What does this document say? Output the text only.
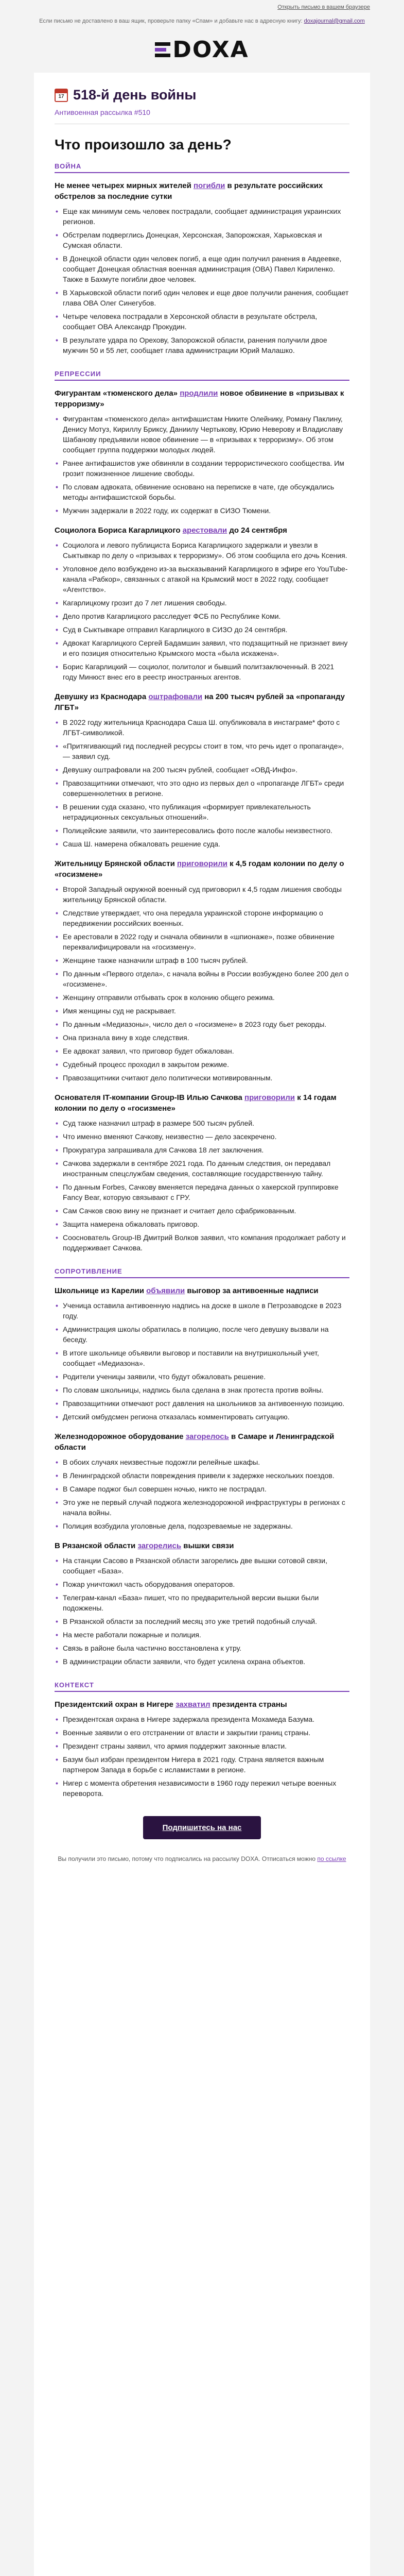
Открыть письмо в вашем браузере
Если письмо не доставлено в ваш ящик, проверьте папку «Спам» и добавьте нас в адресную книгу: doxajournal@gmail.com
DOXA
17
518-й день войны
Антивоенная рассылка #510
Что произошло за день?
ВОЙНА
Не менее четырех мирных жителей погибли в результате российских обстрелов за последние сутки
• Еще как минимум семь человек пострадали, сообщает администрация украинских регионов.
• Обстрелам подверглись Донецкая, Херсонская, Запорожская, Харьковская и Сумская области.
• В Донецкой области один человек погиб, а еще один получил ранения в Авдеевке, сообщает Донецкая областная военная администрация (ОВА) Павел Кириленко. Также в Бахмуте погибли двое человек.
• В Харьковской области погиб один человек и еще двое получили ранения, сообщает глава ОВА Олег Синегубов.
• Четыре человека пострадали в Херсонской области в результате обстрела, сообщает ОВА Александр Прокудин.
• В результате удара по Орехову, Запорожской области, ранения получили двое мужчин 50 и 55 лет, сообщает глава администрации Юрий Малашко.
РЕПРЕССИИ
Фигурантам «тюменского дела» продлили новое обвинение в «призывах к терроризму»
• Фигурантам «тюменского дела» антифашистам Никите Олейнику, Роману Паклину, Денису Мотуз, Кириллу Бриксу, Даниилу Чертыкову, Юрию Неверову и Владиславу Шабанову предъявили новое обвинение — в «призывах к терроризму». Об этом сообщает группа поддержки молодых людей.
• Ранее антифашистов уже обвиняли в создании террористического сообщества. Им грозит пожизненное лишение свободы.
• По словам адвоката, обвинение основано на переписке в чате, где обсуждались методы антифашистской борьбы.
• Мужчин задержали в 2022 году, их содержат в СИЗО Тюмени.
Социолога Бориса Кагарлицкого арестовали до 24 сентября
• Социолога и левого публициста Бориса Кагарлицкого задержали и увезли в Сыктывкар по делу о «призывах к терроризму». Об этом сообщила его дочь Ксения.
• Уголовное дело возбуждено из-за высказываний Кагарлицкого в эфире его YouTube-канала «Рабкор», связанных с атакой на Крымский мост в 2022 году, сообщает «Агентство».
• Кагарлицкому грозит до 7 лет лишения свободы.
• Дело против Кагарлицкого расследует ФСБ по Республике Коми.
• Суд в Сыктывкаре отправил Кагарлицкого в СИЗО до 24 сентября.
• Адвокат Кагарлицкого Сергей Бадамшин заявил, что подзащитный не признает вину и его позиция относительно Крымского моста «была искажена».
• Борис Кагарлицкий — социолог, политолог и бывший политзаключенный. В 2021 году Минюст внес его в реестр иностранных агентов.
Девушку из Краснодара оштрафовали на 200 тысяч рублей за «пропаганду ЛГБТ»
• В 2022 году жительница Краснодара Саша Ш. опубликовала в инстаграме* фото с ЛГБТ-символикой.
• «Притягивающий гид последней ресурсы стоит в том, что речь идет о пропаганде», — заявил суд.
• Девушку оштрафовали на 200 тысяч рублей, сообщает «ОВД-Инфо».
• Правозащитники отмечают, что это одно из первых дел о «пропаганде ЛГБТ» среди совершеннолетних в регионе.
• В решении суда сказано, что публикация «формирует привлекательность нетрадиционных сексуальных отношений».
• Полицейские заявили, что заинтересовались фото после жалобы неизвестного.
• Саша Ш. намерена обжаловать решение суда.
Жительницу Брянской области приговорили к 4,5 годам колонии по делу о «госизмене»
• Второй Западный окружной военный суд приговорил к 4,5 годам лишения свободы жительницу Брянской области.
• Следствие утверждает, что она передала украинской стороне информацию о передвижении российских военных.
• Ее арестовали в 2022 году и сначала обвинили в «шпионаже», позже обвинение переквалифицировали на «госизмену».
• Женщине также назначили штраф в 100 тысяч рублей.
• По данным «Первого отдела», с начала войны в России возбуждено более 200 дел о «госизмене».
• Женщину отправили отбывать срок в колонию общего режима.
• Имя женщины суд не раскрывает.
• По данным «Медиазоны», число дел о «госизмене» в 2023 году бьет рекорды.
• Она признала вину в ходе следствия.
• Ее адвокат заявил, что приговор будет обжалован.
• Судебный процесс проходил в закрытом режиме.
• Правозащитники считают дело политически мотивированным.
Основателя IT-компании Group-IB Илью Сачкова приговорили к 14 годам колонии по делу о «госизмене»
• Суд также назначил штраф в размере 500 тысяч рублей.
• Что именно вменяют Сачкову, неизвестно — дело засекречено.
• Прокуратура запрашивала для Сачкова 18 лет заключения.
• Сачкова задержали в сентябре 2021 года. По данным следствия, он передавал иностранным спецслужбам сведения, составляющие государственную тайну.
• По данным Forbes, Сачкову вменяется передача данных о хакерской группировке Fancy Bear, которую связывают с ГРУ.
• Сам Сачков свою вину не признает и считает дело сфабрикованным.
• Защита намерена обжаловать приговор.
• Сооснователь Group-IB Дмитрий Волков заявил, что компания продолжает работу и поддерживает Сачкова.
СОПРОТИВЛЕНИЕ
Школьнице из Карелии объявили выговор за антивоенные надписи
• Ученица оставила антивоенную надпись на доске в школе в Петрозаводске в 2023 году.
• Администрация школы обратилась в полицию, после чего девушку вызвали на беседу.
• В итоге школьнице объявили выговор и поставили на внутришкольный учет, сообщает «Медиазона».
• Родители ученицы заявили, что будут обжаловать решение.
• По словам школьницы, надпись была сделана в знак протеста против войны.
• Правозащитники отмечают рост давления на школьников за антивоенную позицию.
• Детский омбудсмен региона отказалась комментировать ситуацию.
Железнодорожное оборудование загорелось в Самаре и Ленинградской области
• В обоих случаях неизвестные подожгли релейные шкафы.
• В Ленинградской области повреждения привели к задержке нескольких поездов.
• В Самаре поджог был совершен ночью, никто не пострадал.
• Это уже не первый случай поджога железнодорожной инфраструктуры в регионах с начала войны.
• Полиция возбудила уголовные дела, подозреваемые не задержаны.
В Рязанской области загорелись вышки связи
• На станции Сасово в Рязанской области загорелись две вышки сотовой связи, сообщает «База».
• Пожар уничтожил часть оборудования операторов.
• Телеграм-канал «База» пишет, что по предварительной версии вышки были подожжены.
• В Рязанской области за последний месяц это уже третий подобный случай.
• На месте работали пожарные и полиция.
• Связь в районе была частично восстановлена к утру.
• В администрации области заявили, что будет усилена охрана объектов.
КОНТЕКСТ
Президентский охран в Нигере захватил президента страны
• Президентская охрана в Нигере задержала президента Мохамеда Базума.
• Военные заявили о его отстранении от власти и закрытии границ страны.
• Президент страны заявил, что армия поддержит законные власти.
• Базум был избран президентом Нигера в 2021 году. Страна является важным партнером Запада в борьбе с исламистами в регионе.
• Нигер с момента обретения независимости в 1960 году пережил четыре военных переворота.
Подпишитесь на нас
Вы получили это письмо, потому что подписались на рассылку DOXA. Отписаться можно по ссылке
